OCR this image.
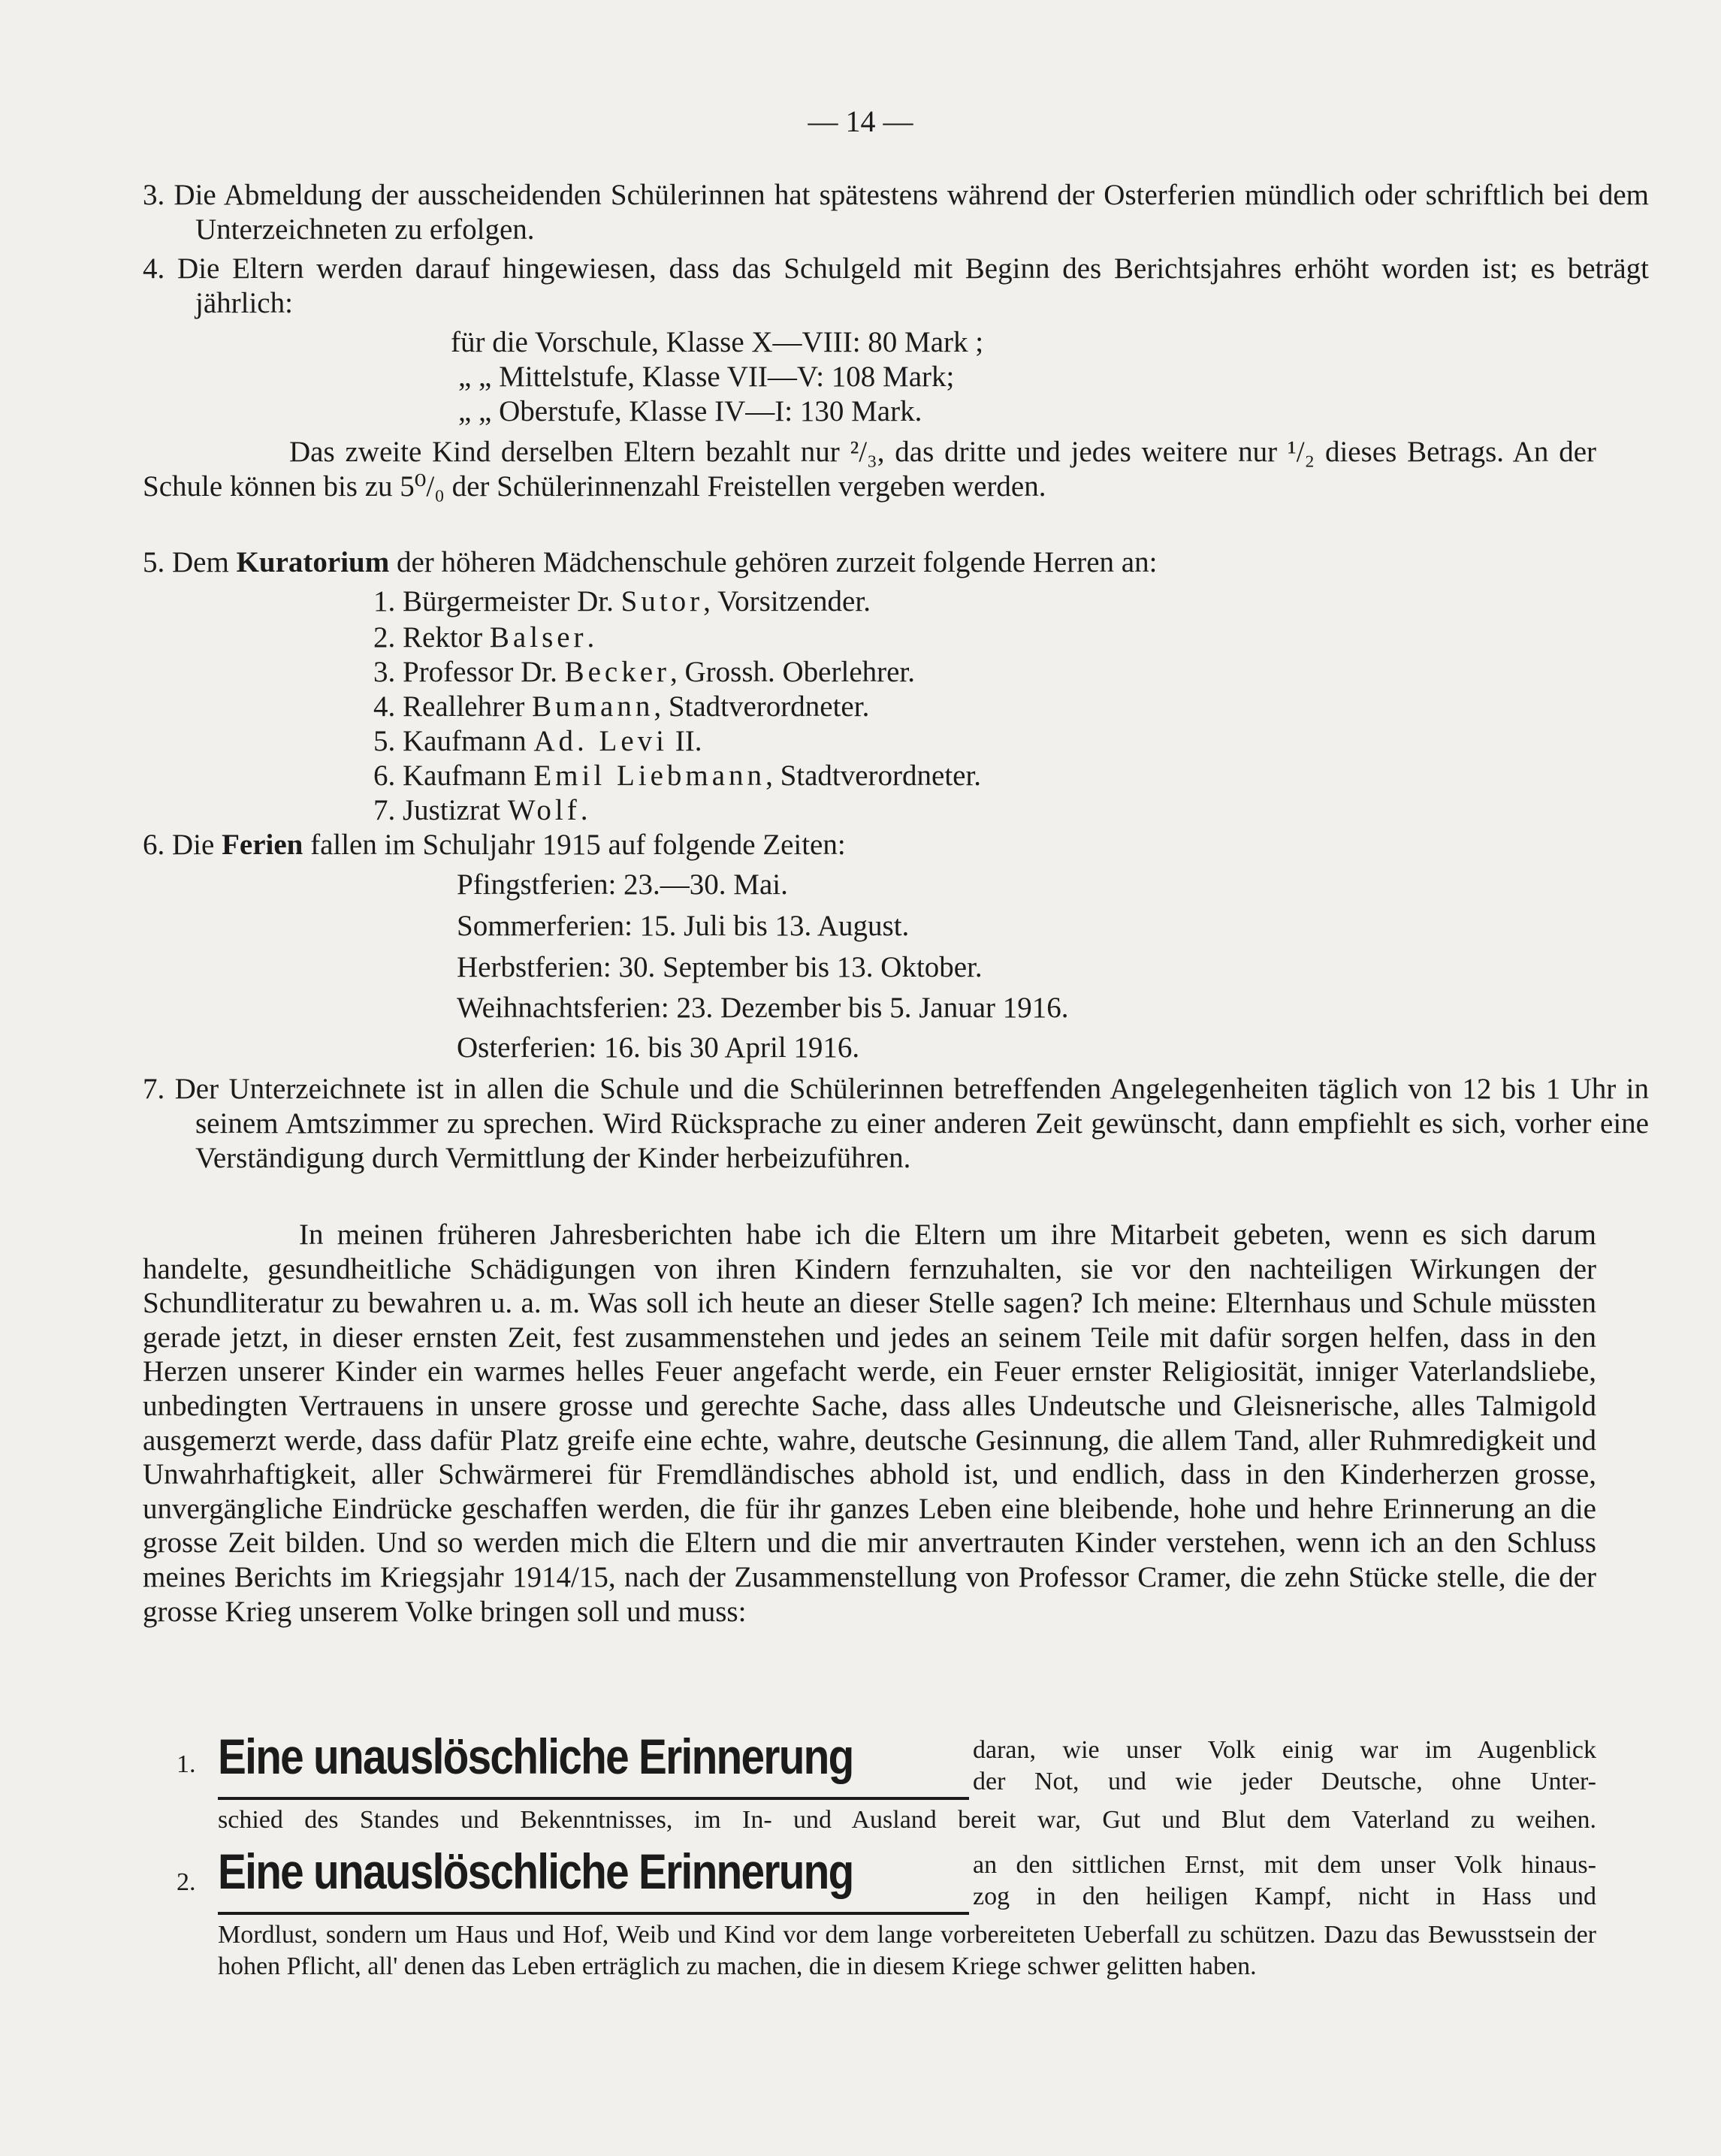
— 14 —
3. Die Abmeldung der ausscheidenden Schülerinnen hat spätestens während der Osterferien mündlich oder schriftlich bei dem Unterzeichneten zu erfolgen.
4. Die Eltern werden darauf hingewiesen, dass das Schulgeld mit Beginn des Berichtsjahres erhöht worden ist; es beträgt jährlich:
für die Vorschule, Klasse X—VIII: 80 Mark ;
„ „ Mittelstufe, Klasse VII—V: 108 Mark;
„ „ Oberstufe, Klasse IV—I: 130 Mark.
Das zweite Kind derselben Eltern bezahlt nur ²/₃, das dritte und jedes weitere nur ¹/₂ dieses Betrags. An der Schule können bis zu 5⁰/₀ der Schülerinnenzahl Freistellen vergeben werden.
5. Dem Kuratorium der höheren Mädchenschule gehören zurzeit folgende Herren an:
1. Bürgermeister Dr. Sutor, Vorsitzender.
2. Rektor Balser.
3. Professor Dr. Becker, Grossh. Oberlehrer.
4. Reallehrer Bumann, Stadtverordneter.
5. Kaufmann Ad. Levi II.
6. Kaufmann Emil Liebmann, Stadtverordneter.
7. Justizrat Wolf.
6. Die Ferien fallen im Schuljahr 1915 auf folgende Zeiten:
Pfingstferien: 23.—30. Mai.
Sommerferien: 15. Juli bis 13. August.
Herbstferien: 30. September bis 13. Oktober.
Weihnachtsferien: 23. Dezember bis 5. Januar 1916.
Osterferien: 16. bis 30 April 1916.
7. Der Unterzeichnete ist in allen die Schule und die Schülerinnen betreffenden Angelegenheiten täglich von 12 bis 1 Uhr in seinem Amtszimmer zu sprechen. Wird Rücksprache zu einer anderen Zeit gewünscht, dann empfiehlt es sich, vorher eine Verständigung durch Vermittlung der Kinder herbeizuführen.
In meinen früheren Jahresberichten habe ich die Eltern um ihre Mitarbeit gebeten, wenn es sich darum handelte, gesundheitliche Schädigungen von ihren Kindern fernzuhalten, sie vor den nachteiligen Wirkungen der Schundliteratur zu bewahren u. a. m. Was soll ich heute an dieser Stelle sagen? Ich meine: Elternhaus und Schule müssten gerade jetzt, in dieser ernsten Zeit, fest zusammenstehen und jedes an seinem Teile mit dafür sorgen helfen, dass in den Herzen unserer Kinder ein warmes helles Feuer angefacht werde, ein Feuer ernster Religiosität, inniger Vaterlandsliebe, unbedingten Vertrauens in unsere grosse und gerechte Sache, dass alles Undeutsche und Gleisnerische, alles Talmigold ausgemerzt werde, dass dafür Platz greife eine echte, wahre, deutsche Gesinnung, die allem Tand, aller Ruhmredigkeit und Unwahrhaftigkeit, aller Schwärmerei für Fremdländisches abhold ist, und endlich, dass in den Kinderherzen grosse, unvergängliche Eindrücke geschaffen werden, die für ihr ganzes Leben eine bleibende, hohe und hehre Erinnerung an die grosse Zeit bilden. Und so werden mich die Eltern und die mir anvertrauten Kinder verstehen, wenn ich an den Schluss meines Berichts im Kriegsjahr 1914/15, nach der Zusammenstellung von Professor Cramer, die zehn Stücke stelle, die der grosse Krieg unserem Volke bringen soll und muss:
1. Eine unauslöschliche Erinnerung	daran, wie unser Volk einig war im Augenblick
der Not, und wie jeder Deutsche, ohne Unter-
schied des Standes und Bekenntnisses, im In- und Ausland bereit war, Gut und Blut dem Vaterland zu weihen.
2. Eine unauslöschliche Erinnerung	an den sittlichen Ernst, mit dem unser Volk hinaus-
zog in den heiligen Kampf, nicht in Hass und
Mordlust, sondern um Haus und Hof, Weib und Kind vor dem lange vorbereiteten Ueberfall zu schützen. Dazu das Bewusstsein der hohen Pflicht, all' denen das Leben erträglich zu machen, die in diesem Kriege schwer gelitten haben.
